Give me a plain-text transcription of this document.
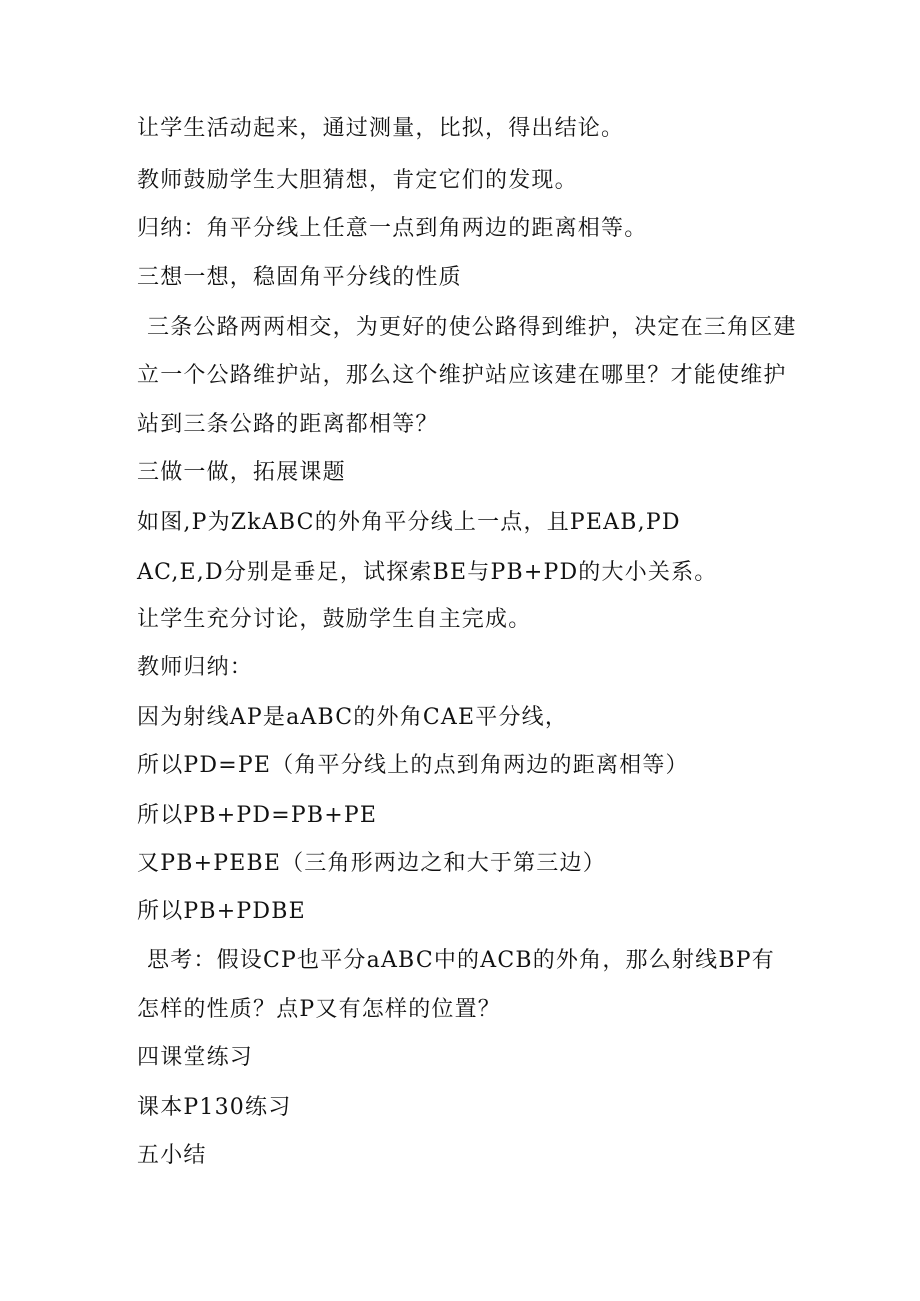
让学生活动起来，通过测量，比拟，得出结论。
教师鼓励学生大胆猜想，肯定它们的发现。
归纳：角平分线上任意一点到角两边的距离相等。
三想一想，稳固角平分线的性质
三条公路两两相交，为更好的使公路得到维护，决定在三角区建
立一个公路维护站，那么这个维护站应该建在哪里？才能使维护
站到三条公路的距离都相等？
三做一做，拓展课题
如图,P为ZkABC的外角平分线上一点，且PEAB,PD
AC,E,D分别是垂足，试探索BE与PB+PD的大小关系。
让学生充分讨论，鼓励学生自主完成。
教师归纳：
因为射线AP是aABC的外角CAE平分线，
所以PD=PE（角平分线上的点到角两边的距离相等）
所以PB+PD=PB+PE
又PB+PEBE（三角形两边之和大于第三边）
所以PB+PDBE
思考：假设CP也平分aABC中的ACB的外角，那么射线BP有
怎样的性质？点P又有怎样的位置？
四课堂练习
课本P130练习
五小结
